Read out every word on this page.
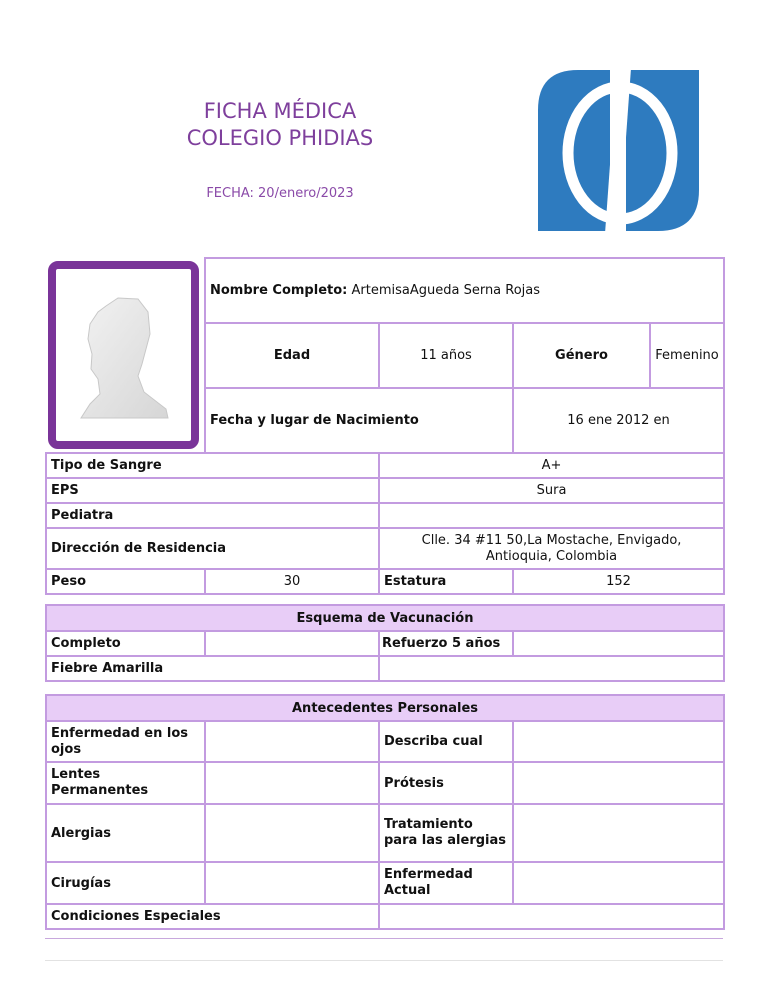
FICHA MÉDICA
COLEGIO PHIDIAS
FECHA: 20/enero/2023
Nombre Completo: ArtemisaAgueda Serna Rojas			
Edad	11 años	Género	Femenino
Fecha y lugar de Nacimiento		16 ene 2012 en	
Tipo de Sangre		A+	
EPS		Sura	
Pediatra			
Dirección de Residencia		Clle. 34 #11 50,La Mostache, Envigado,
Antioquia, Colombia	

Peso	30	Estatura	152
Esquema de Vacunación			
Completo		Refuerzo 5 años	
Fiebre Amarilla			
Antecedentes Personales			
Enfermedad en los ojos		Describa cual	
Lentes Permanentes		Prótesis	
Alergias		Tratamiento para las alergias	
Cirugías		Enfermedad Actual	
Condiciones Especiales			
